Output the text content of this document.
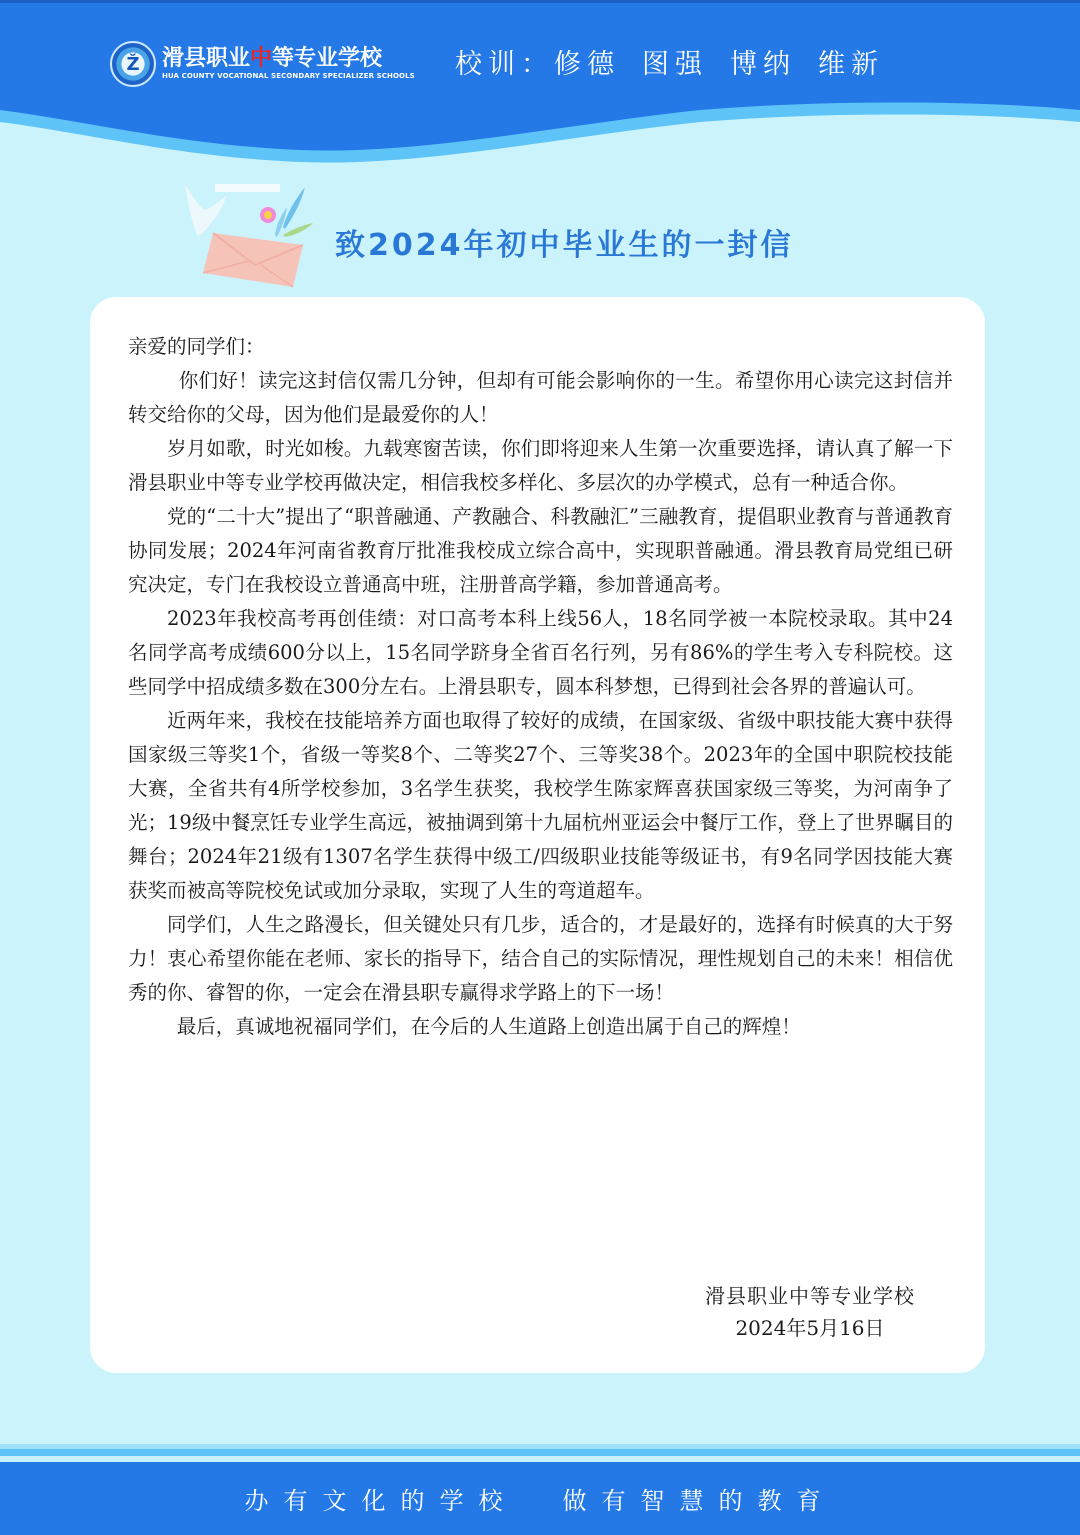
Ž	滑县职业中等专业学校
HUA COUNTY VOCATIONAL SECONDARY SPECIALIZER SCHOOLS 校训：修德 图强 博纳 维新
致2024年初中毕业生的一封信

亲爱的同学们：

你们好！读完这封信仅需几分钟，但却有可能会影响你的一生。希望你用心读完这封信并转交给你的父母，因为他们是最爱你的人！

岁月如歌，时光如梭。九载寒窗苦读，你们即将迎来人生第一次重要选择，请认真了解一下滑县职业中等专业学校再做决定，相信我校多样化、多层次的办学模式，总有一种适合你。

党的“二十大”提出了“职普融通、产教融合、科教融汇”三融教育，提倡职业教育与普通教育协同发展；2024年河南省教育厅批准我校成立综合高中，实现职普融通。滑县教育局党组已研究决定，专门在我校设立普通高中班，注册普高学籍，参加普通高考。

2023年我校高考再创佳绩：对口高考本科上线56人，18名同学被一本院校录取。其中24名同学高考成绩600分以上，15名同学跻身全省百名行列，另有86%的学生考入专科院校。这些同学中招成绩多数在300分左右。上滑县职专，圆本科梦想，已得到社会各界的普遍认可。

近两年来，我校在技能培养方面也取得了较好的成绩，在国家级、省级中职技能大赛中获得国家级三等奖1个，省级一等奖8个、二等奖27个、三等奖38个。2023年的全国中职院校技能大赛，全省共有4所学校参加，3名学生获奖，我校学生陈家辉喜获国家级三等奖，为河南争了光；19级中餐烹饪专业学生高远，被抽调到第十九届杭州亚运会中餐厅工作，登上了世界瞩目的舞台；2024年21级有1307名学生获得中级工/四级职业技能等级证书，有9名同学因技能大赛获奖而被高等院校免试或加分录取，实现了人生的弯道超车。

同学们，人生之路漫长，但关键处只有几步，适合的，才是最好的，选择有时候真的大于努力！衷心希望你能在老师、家长的指导下，结合自己的实际情况，理性规划自己的未来！相信优秀的你、睿智的你，一定会在滑县职专赢得求学路上的下一场！

最后，真诚地祝福同学们，在今后的人生道路上创造出属于自己的辉煌！

滑县职业中等专业学校
2024年5月16日
办有文化的学校 做有智慧的教育
